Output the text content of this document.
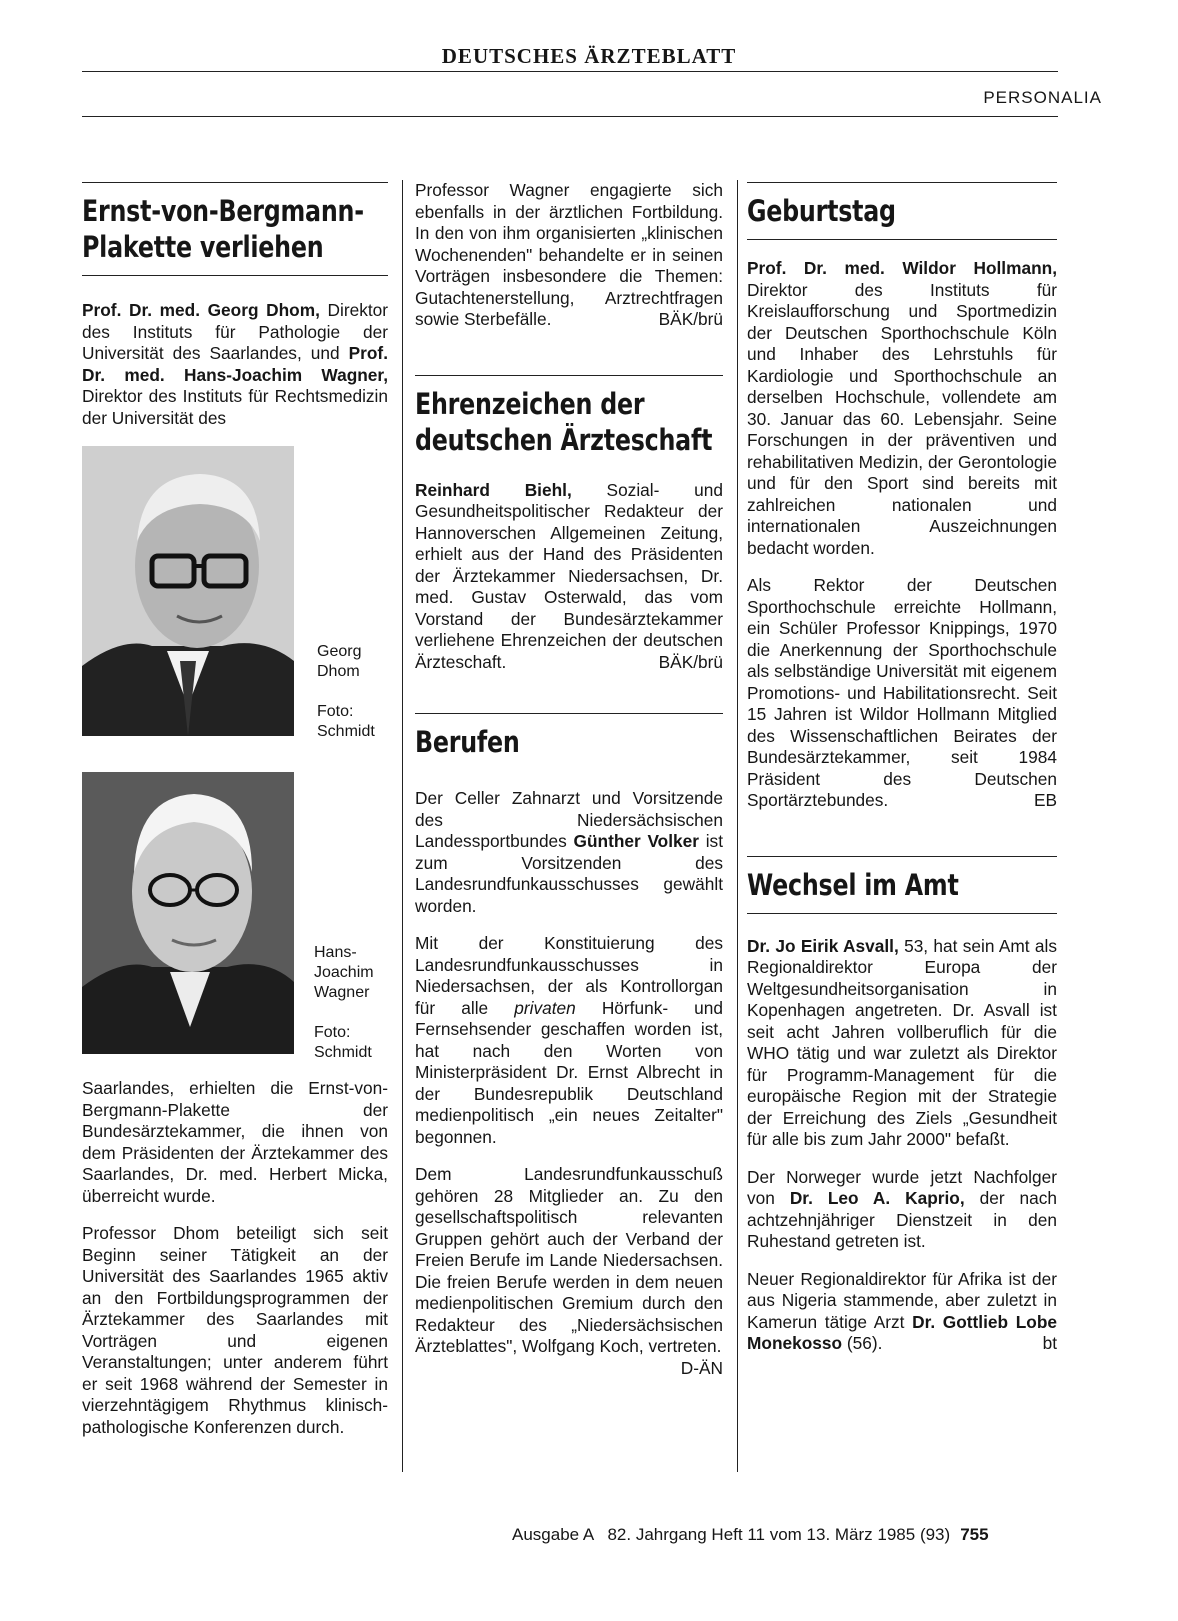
DEUTSCHES ÄRZTEBLATT
PERSONALIA
Ernst-von-Bergmann-
Plakette verliehen

Prof. Dr. med. Georg Dhom, Direktor des Instituts für Pathologie der Universität des Saarlandes, und Prof. Dr. med. Hans-Joachim Wagner, Direktor des Instituts für Rechtsmedizin der Universität des

Georg
Dhom
Foto:
Schmidt
Hans-
Joachim
Wagner
Foto:
Schmidt

Saarlandes, erhielten die Ernst-von-Bergmann-Plakette der Bundesärztekammer, die ihnen von dem Präsidenten der Ärztekammer des Saarlandes, Dr. med. Herbert Micka, überreicht wurde.

Professor Dhom beteiligt sich seit Beginn seiner Tätigkeit an der Universität des Saarlandes 1965 aktiv an den Fortbildungsprogrammen der Ärztekammer des Saarlandes mit Vorträgen und eigenen Veranstaltungen; unter anderem führt er seit 1968 während der Semester in vierzehntägigem Rhythmus klinisch-pathologische Konferenzen durch.

Professor Wagner engagierte sich ebenfalls in der ärztlichen Fortbildung. In den von ihm organisierten „klinischen Wochenenden" behandelte er in seinen Vorträgen insbesondere die Themen: Gutachtenerstellung, Arztrechtfragen sowie Sterbefälle.	BÄK/brü

Ehrenzeichen der
deutschen Ärzteschaft

Reinhard Biehl, Sozial- und Gesundheitspolitischer Redakteur der Hannoverschen Allgemeinen Zeitung, erhielt aus der Hand des Präsidenten der Ärztekammer Niedersachsen, Dr. med. Gustav Osterwald, das vom Vorstand der Bundesärztekammer verliehene Ehrenzeichen der deutschen Ärzteschaft.	BÄK/brü

Berufen

Der Celler Zahnarzt und Vorsitzende des Niedersächsischen Landessportbundes Günther Volker ist zum Vorsitzenden des Landesrundfunkausschusses gewählt worden.

Mit der Konstituierung des Landesrundfunkausschusses in Niedersachsen, der als Kontrollorgan für alle privaten Hörfunk- und Fernsehsender geschaffen worden ist, hat nach den Worten von Ministerpräsident Dr. Ernst Albrecht in der Bundesrepublik Deutschland medienpolitisch „ein neues Zeitalter" begonnen.

Dem Landesrundfunkausschuß gehören 28 Mitglieder an. Zu den gesellschaftspolitisch relevanten Gruppen gehört auch der Verband der Freien Berufe im Lande Niedersachsen. Die freien Berufe werden in dem neuen medienpolitischen Gremium durch den Redakteur des „Niedersächsischen Ärzteblattes", Wolfgang Koch, vertreten.
D-ÄN

Geburtstag

Prof. Dr. med. Wildor Hollmann, Direktor des Instituts für Kreislaufforschung und Sportmedizin der Deutschen Sporthochschule Köln und Inhaber des Lehrstuhls für Kardiologie und Sporthochschule an derselben Hochschule, vollendete am 30. Januar das 60. Lebensjahr. Seine Forschungen in der präventiven und rehabilitativen Medizin, der Gerontologie und für den Sport sind bereits mit zahlreichen nationalen und internationalen Auszeichnungen bedacht worden.

Als Rektor der Deutschen Sporthochschule erreichte Hollmann, ein Schüler Professor Knippings, 1970 die Anerkennung der Sporthochschule als selbständige Universität mit eigenem Promotions- und Habilitationsrecht. Seit 15 Jahren ist Wildor Hollmann Mitglied des Wissenschaftlichen Beirates der Bundesärztekammer, seit 1984 Präsident des Deutschen Sportärztebundes.	EB

Wechsel im Amt

Dr. Jo Eirik Asvall, 53, hat sein Amt als Regionaldirektor Europa der Weltgesundheitsorganisation in Kopenhagen angetreten. Dr. Asvall ist seit acht Jahren vollberuflich für die WHO tätig und war zuletzt als Direktor für Programm-Management für die europäische Region mit der Strategie der Erreichung des Ziels „Gesundheit für alle bis zum Jahr 2000" befaßt.

Der Norweger wurde jetzt Nachfolger von Dr. Leo A. Kaprio, der nach achtzehnjähriger Dienstzeit in den Ruhestand getreten ist.

Neuer Regionaldirektor für Afrika ist der aus Nigeria stammende, aber zuletzt in Kamerun tätige Arzt Dr. Gottlieb Lobe Monekosso (56).	bt

Ausgabe A   82. Jahrgang Heft 11 vom 13. März 1985 (93) 755
